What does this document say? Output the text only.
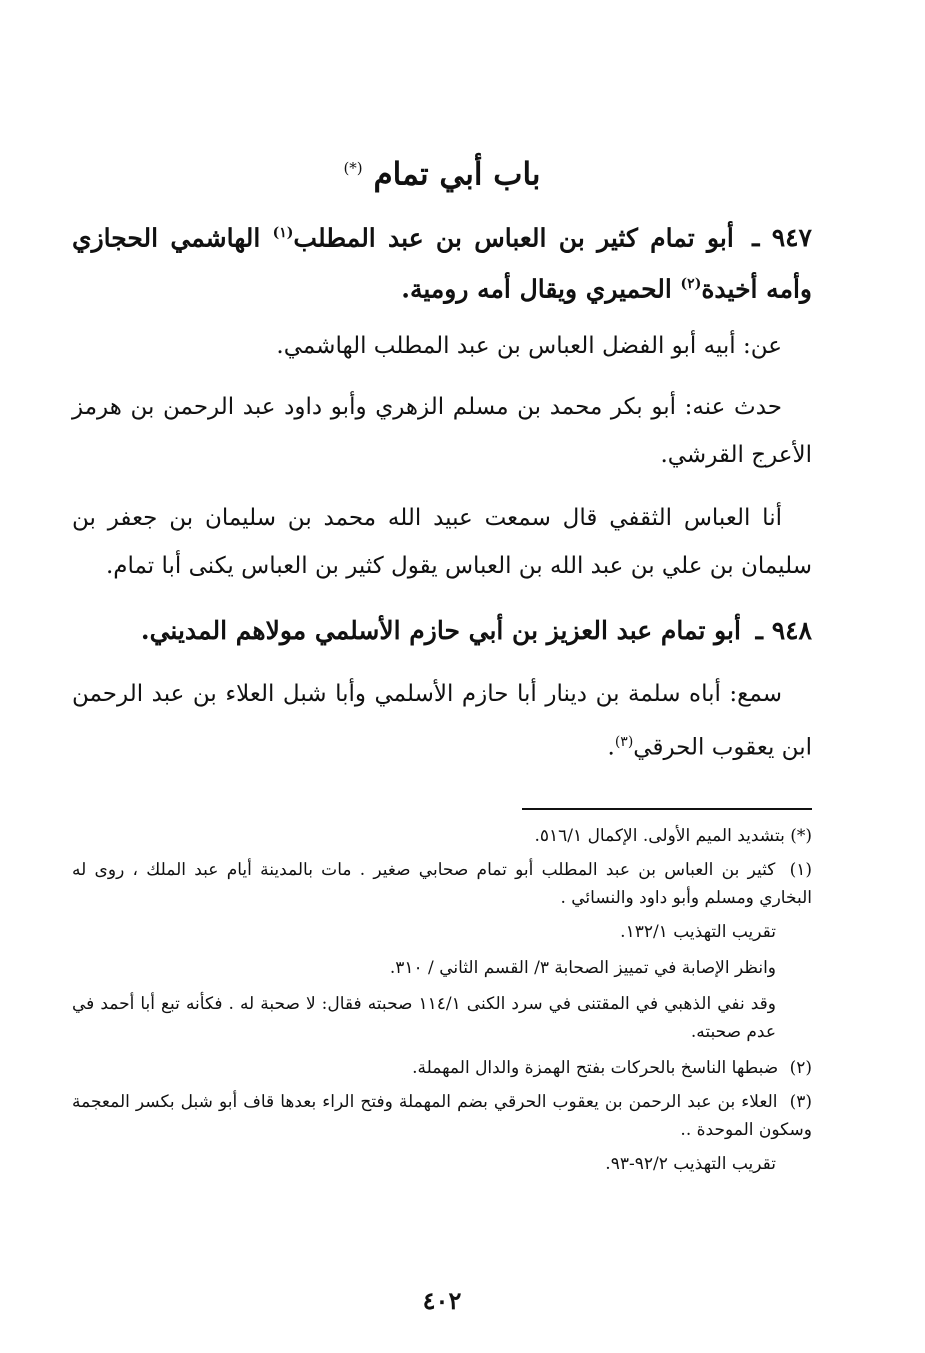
باب أبي تمام (*)
٩٤٧ ـ أبو تمام كثير بن العباس بن عبد المطلب$^{(١)}$ الهاشمي الحجازي وأمه أخيدة$^{(٢)}$ الحميري ويقال أمه رومية.
عن: أبيه أبو الفضل العباس بن عبد المطلب الهاشمي.
حدث عنه: أبو بكر محمد بن مسلم الزهري وأبو داود عبد الرحمن بن هرمز الأعرج القرشي.
أنا العباس الثقفي قال سمعت عبيد الله محمد بن سليمان بن جعفر بن سليمان بن علي بن عبد الله بن العباس يقول كثير بن العباس يكنى أبا تمام.
٩٤٨ ـ أبو تمام عبد العزيز بن أبي حازم الأسلمي مولاهم المديني.
سمع: أباه سلمة بن دينار أبا حازم الأسلمي وأبا شبل العلاء بن عبد الرحمن ابن يعقوب الحرقي$^{(٣)}$.
(*) بتشديد الميم الأولى. الإكمال ٥١٦/١.
(١) كثير بن العباس بن عبد المطلب أبو تمام صحابي صغير . مات بالمدينة أيام عبد الملك ، روى له البخاري ومسلم وأبو داود والنسائي .
تقريب التهذيب ١٣٢/١.
وانظر الإصابة في تمييز الصحابة ٣/ القسم الثاني / ٣١٠.
وقد نفي الذهبي في المقتنى في سرد الكنى ١١٤/١ صحبته فقال: لا صحبة له . فكأنه تبع أبا أحمد في عدم صحبته.
(٢) ضبطها الناسخ بالحركات بفتح الهمزة والدال المهملة.
(٣) العلاء بن عبد الرحمن بن يعقوب الحرقي بضم المهملة وفتح الراء بعدها قاف أبو شبل بكسر المعجمة وسكون الموحدة ..
تقريب التهذيب ٩٢/٢-٩٣.
٤٠٢
